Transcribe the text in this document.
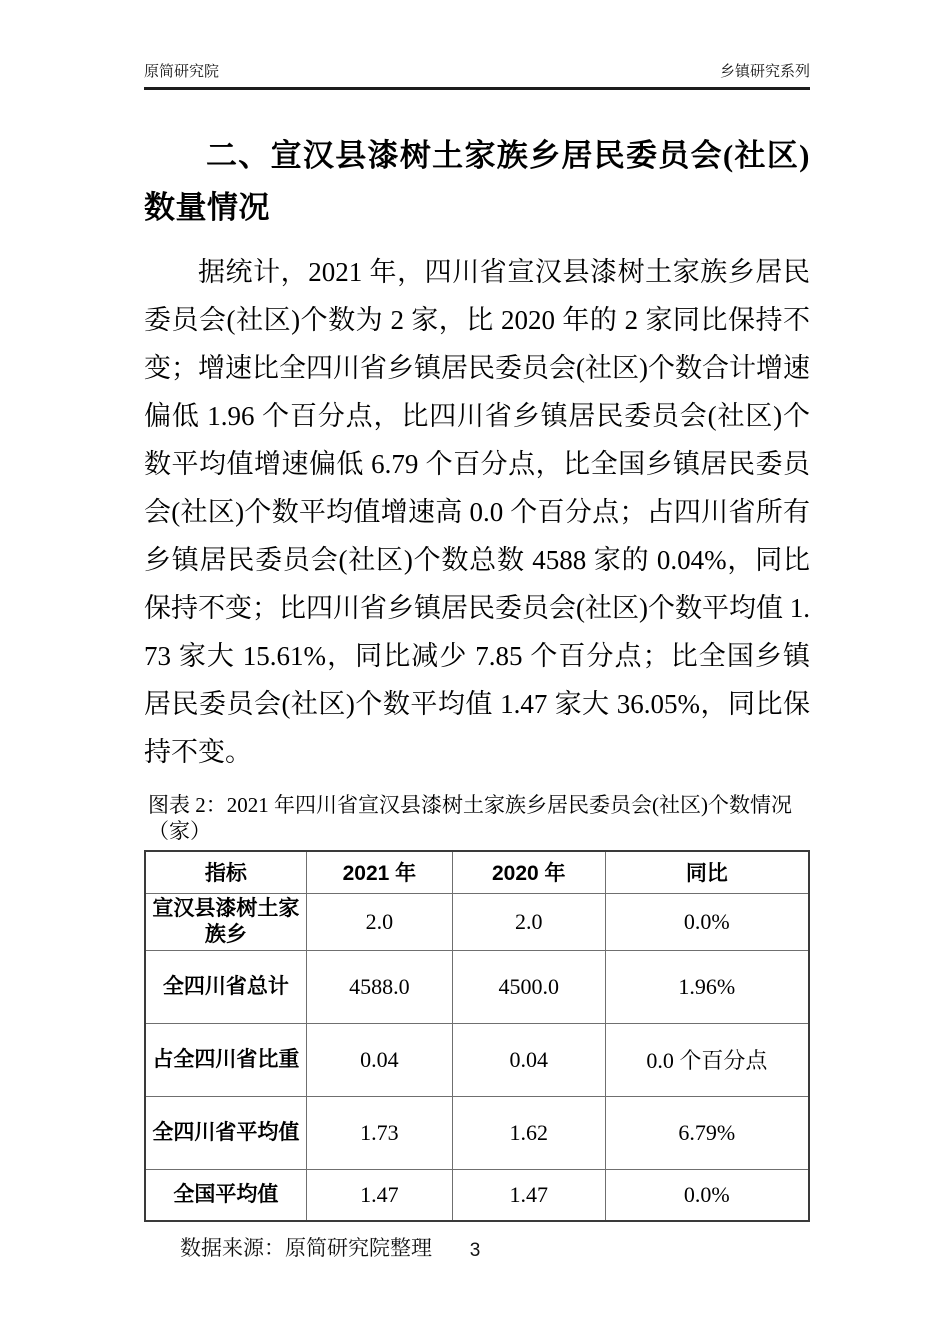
原简研究院	乡镇研究系列
二、宣汉县漆树土家族乡居民委员会(社区)数量情况

据统计，2021 年，四川省宣汉县漆树土家族乡居民委员会(社区)个数为 2 家，比 2020 年的 2 家同比保持不变；增速比全四川省乡镇居民委员会(社区)个数合计增速偏低 1.96 个百分点，比四川省乡镇居民委员会(社区)个数平均值增速偏低 6.79 个百分点，比全国乡镇居民委员会(社区)个数平均值增速高 0.0 个百分点；占四川省所有乡镇居民委员会(社区)个数总数 4588 家的 0.04%，同比保持不变；比四川省乡镇居民委员会(社区)个数平均值 1.73 家大 15.61%，同比减少 7.85 个百分点；比全国乡镇居民委员会(社区)个数平均值 1.47 家大 36.05%，同比保持不变。

图表 2：2021 年四川省宣汉县漆树土家族乡居民委员会(社区)个数情况（家）
指标	2021 年	2020 年	同比
宣汉县漆树土家族乡	2.0	2.0	0.0%
全四川省总计	4588.0	4500.0	1.96%
占全四川省比重	0.04	0.04	0.0 个百分点
全四川省平均值	1.73	1.62	6.79%
全国平均值	1.47	1.47	0.0%
数据来源：原简研究院整理	3
